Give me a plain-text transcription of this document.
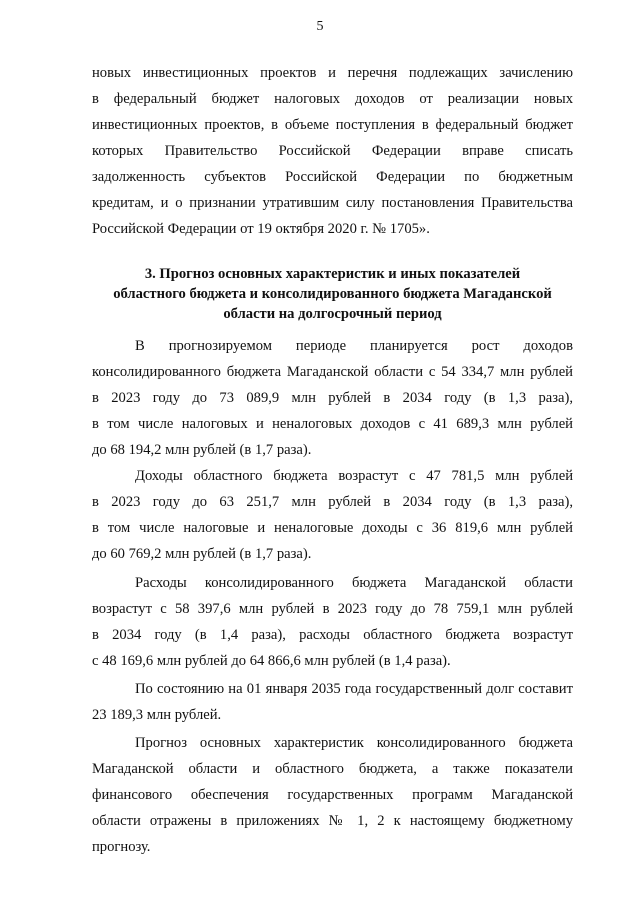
5
новых инвестиционных проектов и перечня подлежащих зачислению
в федеральный бюджет налоговых доходов от реализации новых
инвестиционных проектов, в объеме поступления в федеральный бюджет
которых Правительство Российской Федерации вправе списать
задолженность субъектов Российской Федерации по бюджетным
кредитам, и о признании утратившим силу постановления Правительства
Российской Федерации от 19 октября 2020 г. № 1705».
3. Прогноз основных характеристик и иных показателей
областного бюджета и консолидированного бюджета Магаданской
области на долгосрочный период
В прогнозируемом периоде планируется рост доходов
консолидированного бюджета Магаданской области с 54 334,7 млн рублей
в 2023 году до 73 089,9 млн рублей в 2034 году (в 1,3 раза),
в том числе налоговых и неналоговых доходов с 41 689,3 млн рублей
до 68 194,2 млн рублей (в 1,7 раза).
Доходы областного бюджета возрастут с 47 781,5 млн рублей
в 2023 году до 63 251,7 млн рублей в 2034 году (в 1,3 раза),
в том числе налоговые и неналоговые доходы с 36 819,6 млн рублей
до 60 769,2 млн рублей (в 1,7 раза).
Расходы консолидированного бюджета Магаданской области
возрастут с 58 397,6 млн рублей в 2023 году до 78 759,1 млн рублей
в 2034 году (в 1,4 раза), расходы областного бюджета возрастут
с 48 169,6 млн рублей до 64 866,6 млн рублей (в 1,4 раза).
По состоянию на 01 января 2035 года государственный долг составит
23 189,3 млн рублей.
Прогноз основных характеристик консолидированного бюджета
Магаданской области и областного бюджета, а также показатели
финансового обеспечения государственных программ Магаданской
области отражены в приложениях № 1, 2 к настоящему бюджетному
прогнозу.
